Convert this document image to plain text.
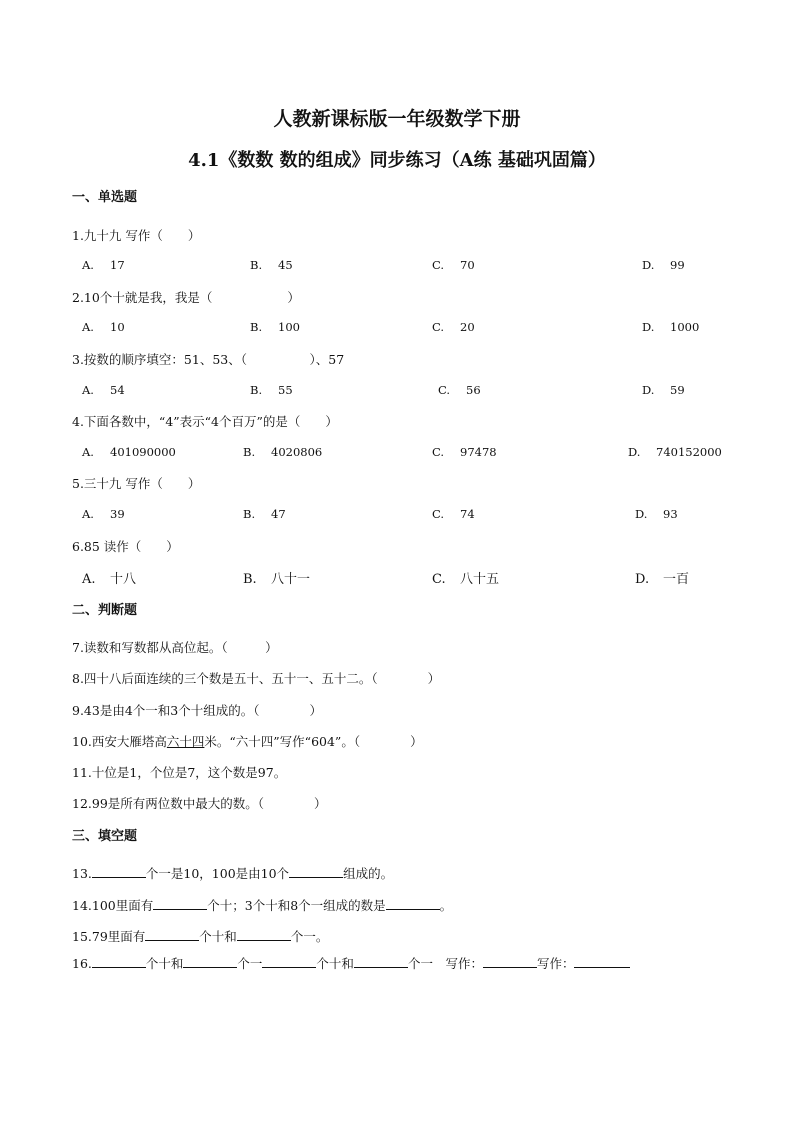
人教新课标版一年级数学下册
4.1《数数 数的组成》同步练习（A练 基础巩固篇）
一、单选题
1.九十九 写作（　　）
A. 17	B. 45	C. 70	D. 99
2.10个十就是我，我是（　　　　　　）
A. 10	B. 100	C. 20	D. 1000
3.按数的顺序填空：51、53、（　　　　　）、57
A. 54	B. 55	C. 56	D. 59
4.下面各数中，“4”表示“4个百万”的是（　　）
A. 401090000	B. 4020806	C. 97478	D. 740152000
5.三十九 写作（　　）
A. 39	B. 47	C. 74	D. 93
6.85 读作（　　）
A. 十八	B. 八十一	C. 八十五	D. 一百
二、判断题
7.读数和写数都从高位起。（　　　）
8.四十八后面连续的三个数是五十、五十一、五十二。（　　　　）
9.43是由4个一和3个十组成的。（　　　　）
10.西安大雁塔高六十四米。“六十四”写作“604”。（　　　　）
11.十位是1，个位是7，这个数是97。
12.99是所有两位数中最大的数。（　　　　）
三、填空题
13.	个一是10，100是由10个	组成的。
14.100里面有	个十；3个十和8个一组成的数是	。
15.79里面有	个十和	个一。
16.	个十和	个一	个十和	个一　写作：	写作：
